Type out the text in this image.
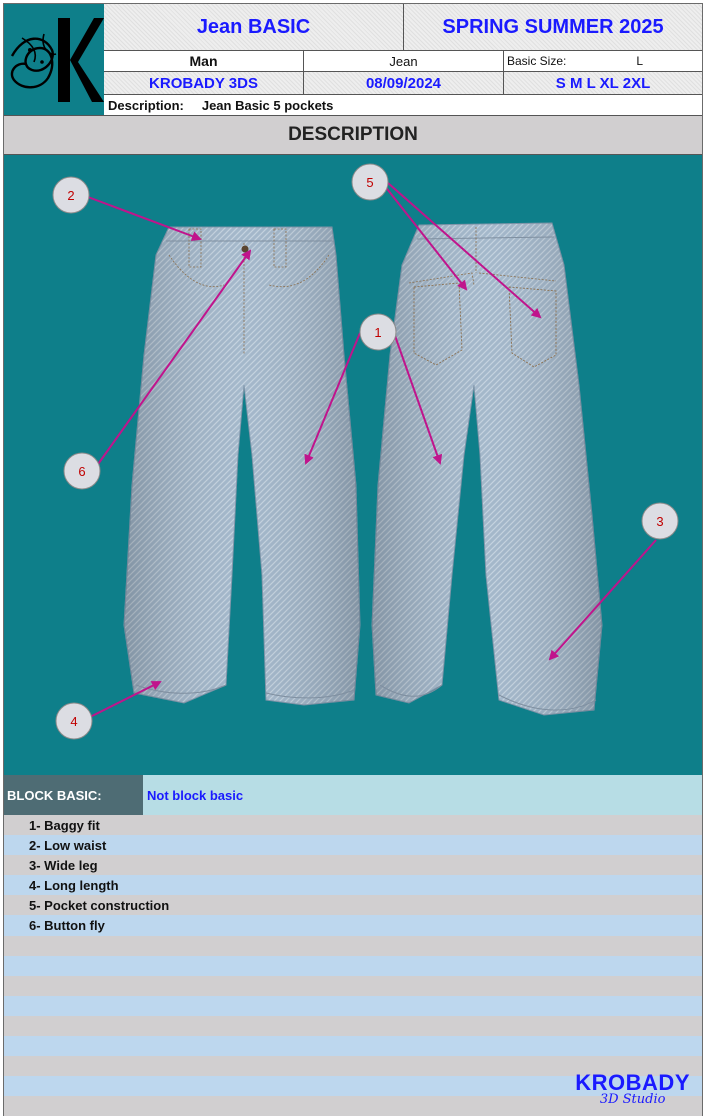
Jean BASIC	SPRING SUMMER 2025
Man	Jean	Basic Size:	L
KROBADY 3DS	08/09/2024	S M L XL 2XL
Description: Jean Basic 5 pockets
DESCRIPTION
2
5
1
6
3
4
BLOCK BASIC:	Not block basic
1- Baggy fit
2- Low waist
3- Wide leg
4- Long length
5- Pocket construction
6- Button fly
KROBADY
3D Studio
